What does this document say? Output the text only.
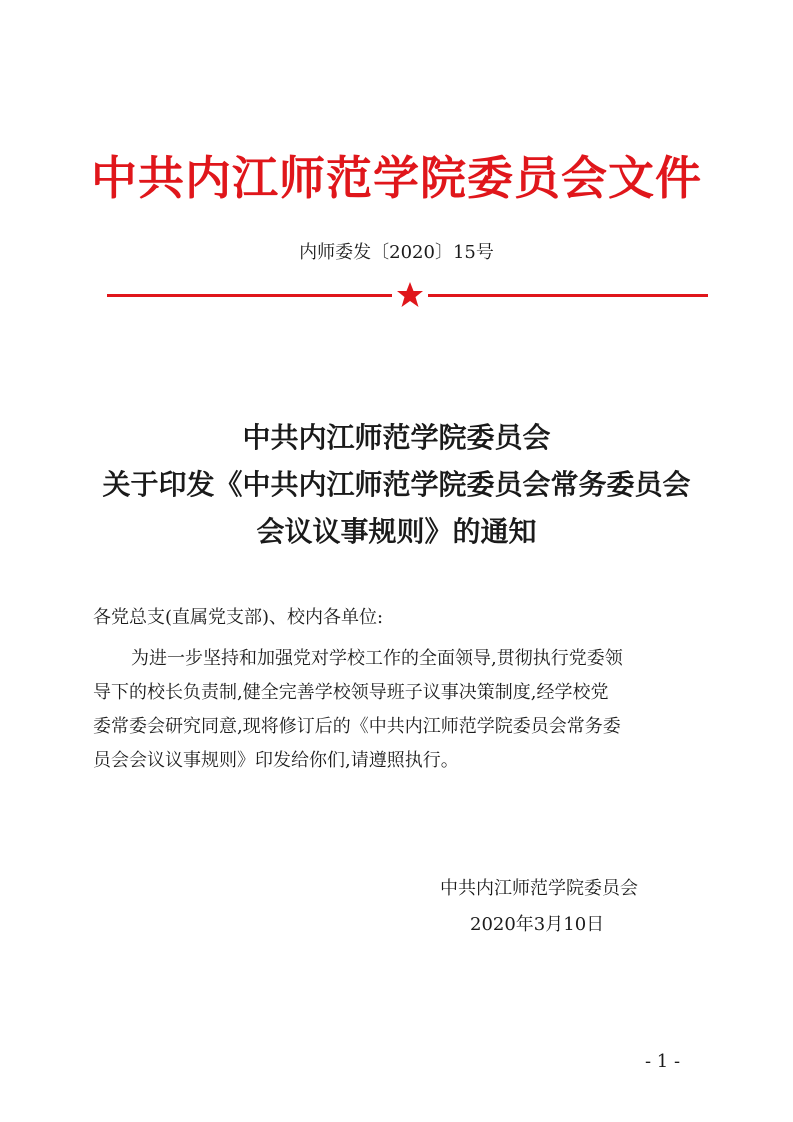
中共内江师范学院委员会文件
内师委发〔2020〕15号
中共内江师范学院委员会
关于印发《中共内江师范学院委员会常务委员会
会议议事规则》的通知
各党总支(直属党支部)、校内各单位:
为进一步坚持和加强党对学校工作的全面领导,贯彻执行党委领
导下的校长负责制,健全完善学校领导班子议事决策制度,经学校党
委常委会研究同意,现将修订后的《中共内江师范学院委员会常务委
员会会议议事规则》印发给你们,请遵照执行。
中共内江师范学院委员会
2020年3月10日
- 1 -
